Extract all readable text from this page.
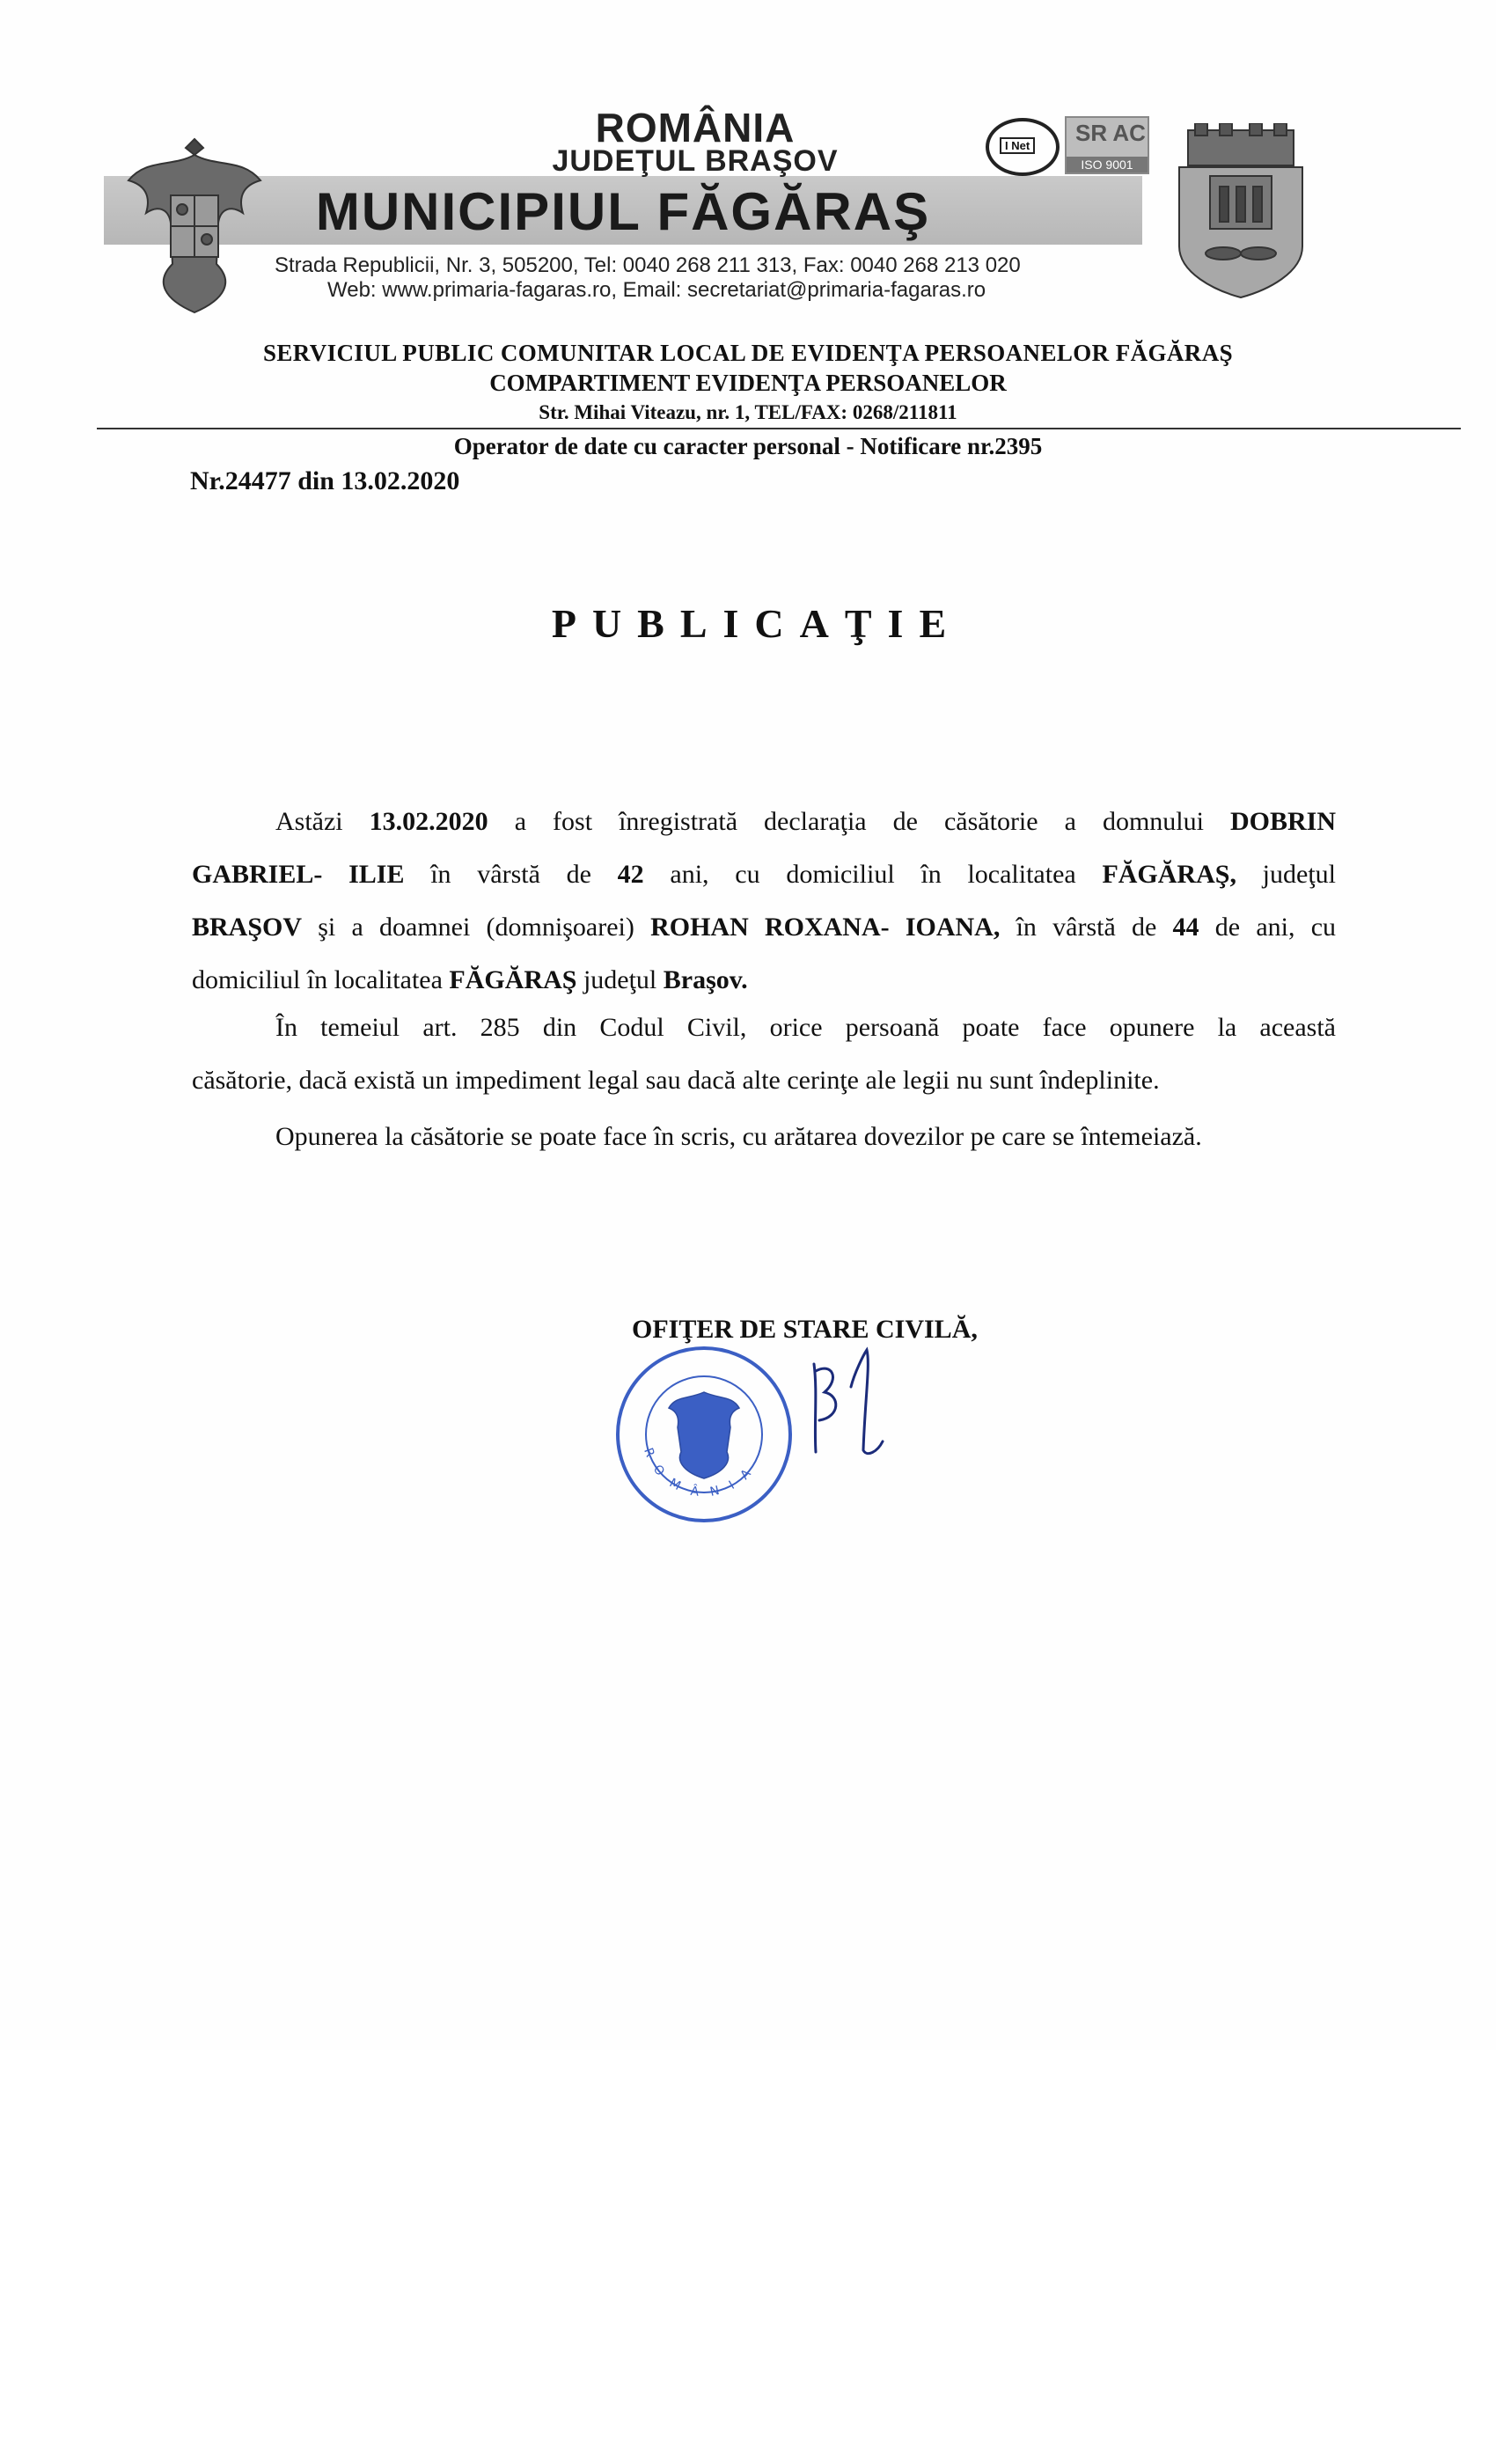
ROMÂNIA
JUDEŢUL BRAŞOV
MUNICIPIUL FĂGĂRAŞ
Strada Republicii, Nr. 3, 505200, Tel: 0040 268 211 313, Fax: 0040 268 213 020
Web: www.primaria-fagaras.ro, Email: secretariat@primaria-fagaras.ro
I Net SR AC
ISO 9001
SERVICIUL PUBLIC COMUNITAR LOCAL DE EVIDENŢA PERSOANELOR FĂGĂRAŞ
COMPARTIMENT EVIDENŢA PERSOANELOR
Str. Mihai Viteazu, nr. 1, TEL/FAX: 0268/211811
Operator de date cu caracter personal - Notificare nr.2395
Nr.24477 din 13.02.2020
PUBLICAŢIE
Astăzi 13.02.2020 a fost înregistrată declaraţia de căsătorie a domnului DOBRIN
GABRIEL- ILIE în vârstă de 42 ani, cu domiciliul în localitatea FĂGĂRAŞ, judeţul
BRAŞOV şi a doamnei (domnişoarei) ROHAN ROXANA- IOANA, în vârstă de 44 de ani, cu
domiciliul în localitatea FĂGĂRAŞ judeţul Braşov.
În temeiul art. 285 din Codul Civil, orice persoană poate face opunere la această
căsătorie, dacă există un impediment legal sau dacă alte cerinţe ale legii nu sunt îndeplinite.
Opunerea la căsătorie se poate face în scris, cu arătarea dovezilor pe care se întemeiază.
OFIŢER DE STARE CIVILĂ,
R O M Â N I A
